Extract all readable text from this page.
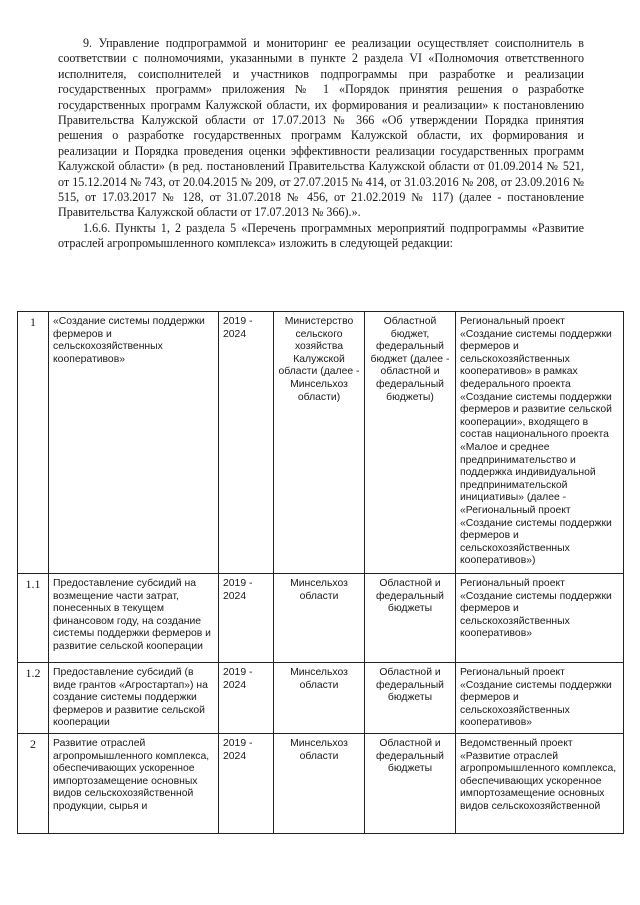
9. Управление подпрограммой и мониторинг ее реализации осуществляет соисполнитель в соответствии с полномочиями, указанными в пункте 2 раздела VI «Полномочия ответственного исполнителя, соисполнителей и участников подпрограммы при разработке и реализации государственных программ» приложения № 1 «Порядок принятия решения о разработке государственных программ Калужской области, их формирования и реализации» к постановлению Правительства Калужской области от 17.07.2013 № 366 «Об утверждении Порядка принятия решения о разработке государственных программ Калужской области, их формирования и реализации и Порядка проведения оценки эффективности реализации государственных программ Калужской области» (в ред. постановлений Правительства Калужской области от 01.09.2014 № 521, от 15.12.2014 № 743, от 20.04.2015 № 209, от 27.07.2015 № 414, от 31.03.2016 № 208, от 23.09.2016 № 515, от 17.03.2017 № 128, от 31.07.2018 № 456, от 21.02.2019 № 117) (далее - постановление Правительства Калужской области от 17.07.2013 № 366).».

1.6.6. Пункты 1, 2 раздела 5 «Перечень программных мероприятий подпрограммы «Развитие отраслей агропромышленного комплекса» изложить в следующей редакции:

1	«Создание системы поддержки фермеров и сельскохозяйственных кооперативов»	2019 - 2024	Министерство сельского хозяйства Калужской области (далее - Минсельхоз области)	Областной бюджет, федеральный бюджет (далее - областной и федеральный бюджеты)	Региональный проект «Создание системы поддержки фермеров и сельскохозяйственных кооперативов» в рамках федерального проекта «Создание системы поддержки фермеров и развитие сельской кооперации», входящего в состав национального проекта «Малое и среднее предпринимательство и поддержка индивидуальной предпринимательской инициативы» (далее - «Региональный проект «Создание системы поддержки фермеров и сельскохозяйственных кооперативов»)
1.1	Предоставление субсидий на возмещение части затрат, понесенных в текущем финансовом году, на создание системы поддержки фермеров и развитие сельской кооперации	2019 - 2024	Минсельхоз области	Областной и федеральный бюджеты	Региональный проект «Создание системы поддержки фермеров и сельскохозяйственных кооперативов»
1.2	Предоставление субсидий (в виде грантов «Агростартап») на создание системы поддержки фермеров и развитие сельской кооперации	2019 - 2024	Минсельхоз области	Областной и федеральный бюджеты	Региональный проект «Создание системы поддержки фермеров и сельскохозяйственных кооперативов»
2	Развитие отраслей агропромышленного комплекса, обеспечивающих ускоренное импортозамещение основных видов сельскохозяйственной продукции, сырья и	2019 - 2024	Минсельхоз области	Областной и федеральный бюджеты	Ведомственный проект «Развитие отраслей агропромышленного комплекса, обеспечивающих ускоренное импортозамещение основных видов сельскохозяйственной
